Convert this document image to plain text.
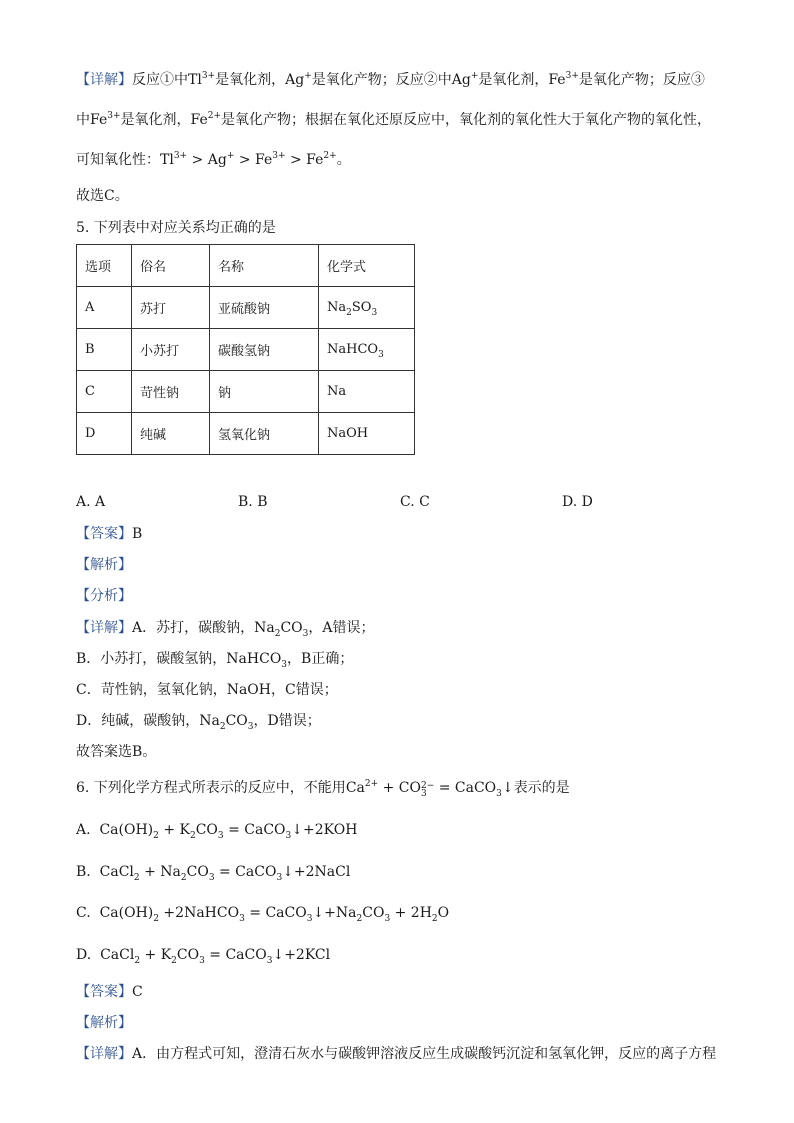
【详解】反应①中$Tl^{3+}$是氧化剂，Ag+是氧化产物；反应②中Ag+是氧化剂，$Fe^{3+}$是氧化产物；反应③
中$Fe^{3+}$是氧化剂，$Fe^{2+}$是氧化产物；根据在氧化还原反应中，氧化剂的氧化性大于氧化产物的氧化性，
可知氧化性：$Tl^{3+} > Ag^+ > Fe^{3+} > Fe^{2+}$。
故选C。
5. 下列表中对应关系均正确的是
选项	俗名	名称	化学式
A	苏打	亚硫酸钠	$Na_2SO_3$
B	小苏打	碳酸氢钠	NaHCO$_3$
C	苛性钠	钠	Na
D	纯碱	氢氧化钠	NaOH
A. A	B. B	C. C	D. D
【答案】B
【解析】
【分析】
【详解】A．苏打，碳酸钠，$Na_2CO_3$，A错误；
B．小苏打，碳酸氢钠，NaHCO$_3$，B正确；
C．苛性钠，氢氧化钠，NaOH，C错误；
D．纯碱，碳酸钠，$Na_2CO_3$，D错误；
故答案选B。
6. 下列化学方程式所表示的反应中，不能用$Ca^{2+}$ + CO 2−
3 = CaCO$_3$↓表示的是
A. $Ca(OH)_2 + K_2CO_3$ = CaCO$_3$↓+2KOH
B. CaCl$_2$ + $Na_2CO_3$ = CaCO$_3$↓+2NaCl
C. $Ca(OH)_2$ +2NaHCO$_3$ = $CaCO_3↓+Na_2CO_3 + 2H_2O$
D. CaCl$_2$ + $K_2CO_3$ = CaCO$_3$↓+2KCl
【答案】C
【解析】
【详解】A．由方程式可知，澄清石灰水与碳酸钾溶液反应生成碳酸钙沉淀和氢氧化钾，反应的离子方程
